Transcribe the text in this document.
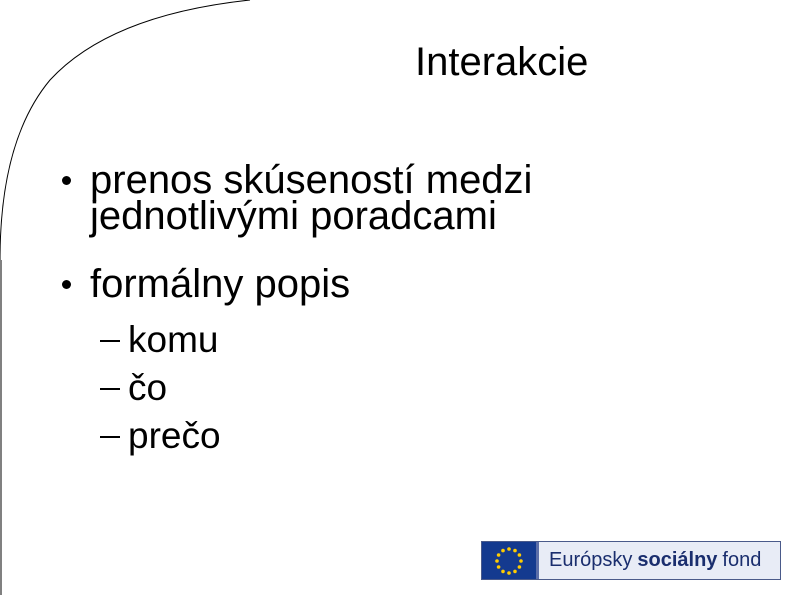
Interakcie
prenos skúseností medzi
jednotlivými poradcami
formálny popis
komu
čo
prečo
Európsky sociálny fond
